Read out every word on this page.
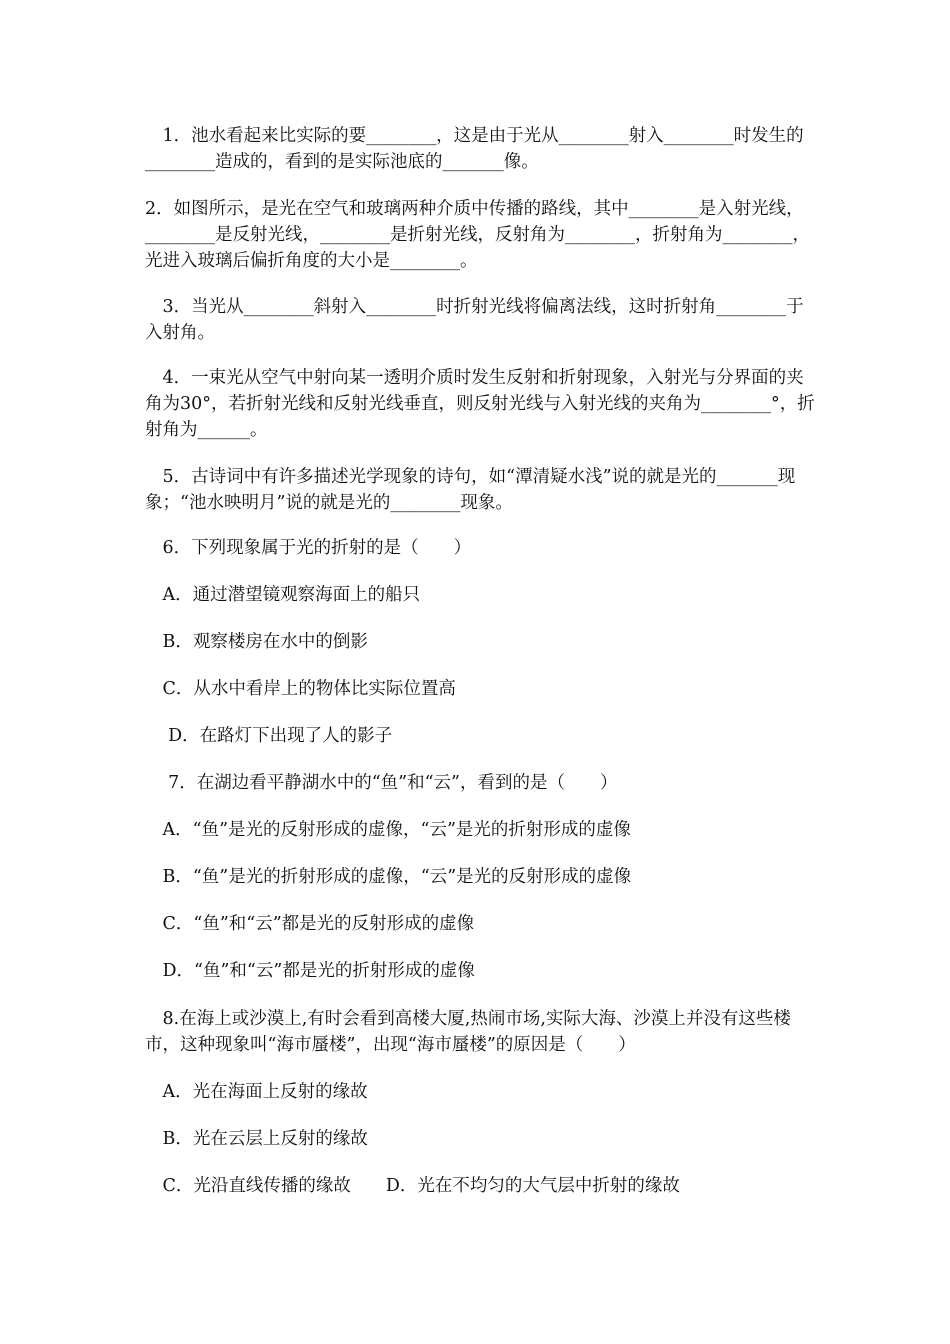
　1．池水看起来比实际的要________，这是由于光从________射入________时发生的________造成的，看到的是实际池底的_______像。

2．如图所示，是光在空气和玻璃两种介质中传播的路线，其中________是入射光线，________是反射光线，________是折射光线，反射角为________，折射角为________，光进入玻璃后偏折角度的大小是________。

　3．当光从________斜射入________时折射光线将偏离法线，这时折射角________于入射角。

　4．一束光从空气中射向某一透明介质时发生反射和折射现象，入射光与分界面的夹角为30°，若折射光线和反射光线垂直，则反射光线与入射光线的夹角为________°，折射角为______。

　5．古诗词中有许多描述光学现象的诗句，如“潭清疑水浅”说的就是光的_______现象；“池水映明月”说的就是光的________现象。

　6．下列现象属于光的折射的是（　　）

　A．通过潜望镜观察海面上的船只

　B．观察楼房在水中的倒影

　C．从水中看岸上的物体比实际位置高

　 D．在路灯下出现了人的影子

　 7．在湖边看平静湖水中的“鱼”和“云”，看到的是（　　）

　A．“鱼”是光的反射形成的虚像，“云”是光的折射形成的虚像

　B．“鱼”是光的折射形成的虚像，“云”是光的反射形成的虚像

　C．“鱼”和“云”都是光的反射形成的虚像

　D．“鱼”和“云”都是光的折射形成的虚像

　8.在海上或沙漠上,有时会看到高楼大厦,热闹市场,实际大海、沙漠上并没有这些楼市，这种现象叫“海市蜃楼”，出现“海市蜃楼”的原因是（　　）

　A．光在海面上反射的缘故

　B．光在云层上反射的缘故

　C．光沿直线传播的缘故　　D．光在不均匀的大气层中折射的缘故
